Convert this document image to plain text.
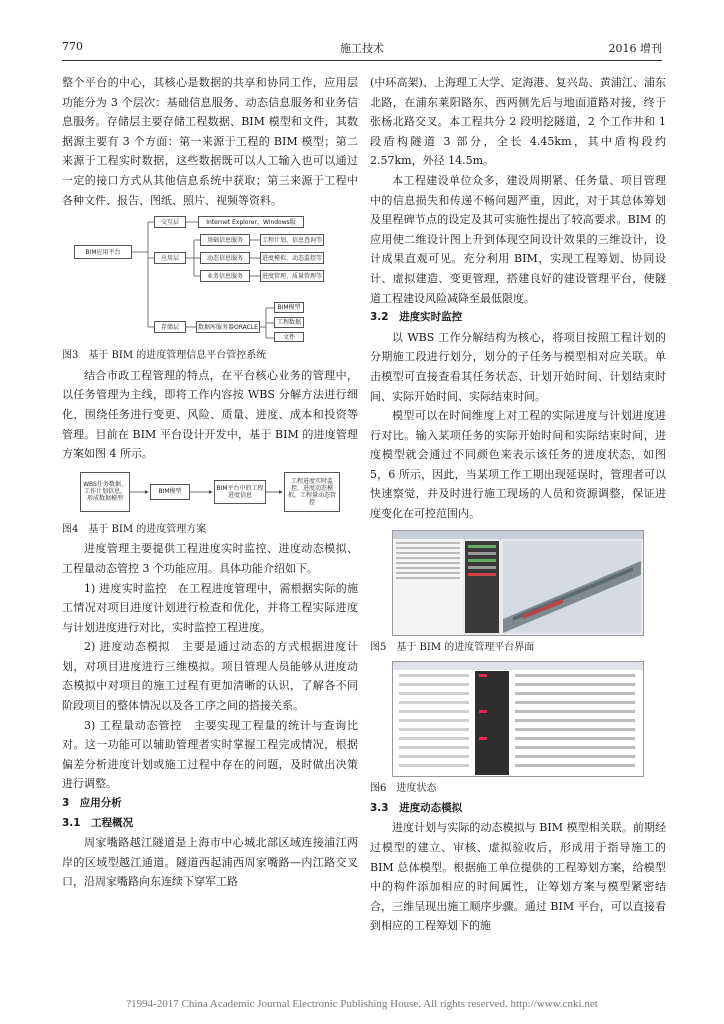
770	施工技术	2016 增刊

整个平台的中心，其核心是数据的共享和协同工作，应用层功能分为 3 个层次：基础信息服务、动态信息服务和业务信息服务。存储层主要存储工程数据、BIM 模型和文件，其数据源主要有 3 个方面：第一来源于工程的 BIM 模型；第二来源于工程实时数据，这些数据既可以人工输入也可以通过一定的接口方式从其他信息系统中获取；第三来源于工程中各种文件、报告、图纸、照片、视频等资料。

BIM应用平台
交互层	Internet Explorer、Windows版
应用层
基础信息服务
动态信息服务
业务信息服务
工程计划、信息查询等
进度模拟、动态监控等
进度管理、质量管理等
存储层	数据库服务器ORACLE
BIM模型
工程数据
文件

图3　基于 BIM 的进度管理信息平台管控系统

结合市政工程管理的特点，在平台核心业务的管理中，以任务管理为主线，即将工作内容按 WBS 分解方法进行细化，围绕任务进行变更、风险、质量、进度、成本和投资等管理。目前在 BIM 平台设计开发中，基于 BIM 的进度管理方案如图 4 所示。

WBS任务数据、工作计划信息，形成数据模型
BIM模型	BIM平台中的工程进度信息
工程进度实时监控，进度动态模拟，工程量动态管控

图4　基于 BIM 的进度管理方案

进度管理主要提供工程进度实时监控、进度动态模拟、工程量动态管控 3 个功能应用。具体功能介绍如下。

1) 进度实时监控　在工程进度管理中，需根据实际的施工情况对项目进度计划进行检查和优化，并将工程实际进度与计划进度进行对比，实时监控工程进度。

2) 进度动态模拟　主要是通过动态的方式根据进度计划，对项目进度进行三维模拟。项目管理人员能够从进度动态模拟中对项目的施工过程有更加清晰的认识，了解各不同阶段项目的整体情况以及各工序之间的搭接关系。

3) 工程量动态管控　主要实现工程量的统计与查询比对。这一功能可以辅助管理者实时掌握工程完成情况，根据偏差分析进度计划或施工过程中存在的问题，及时做出决策进行调整。

3　应用分析

3.1　工程概况

周家嘴路越江隧道是上海市中心城北部区域连接浦江两岸的区域型越江通道。隧道西起浦西周家嘴路—内江路交叉口，沿周家嘴路向东连续下穿军工路

(中环高架)、上海理工大学、定海港、复兴岛、黄浦江、浦东北路，在浦东莱阳路东、西两侧先后与地面道路对接，终于张杨北路交叉。本工程共分 2 段明挖隧道，2 个工作井和 1 段盾构隧道 3 部分，全长 4.45km，其中盾构段约 2.57km，外径 14.5m。

本工程建设单位众多，建设周期紧、任务量、项目管理中的信息损失和传递不畅问题严重，因此，对于其总体筹划及里程碑节点的设定及其可实施性提出了较高要求。BIM 的应用使二维设计图上升到体现空间设计效果的三维设计，设计成果直观可见。充分利用 BIM，实现工程筹划、协同设计、虚拟建造、变更管理，搭建良好的建设管理平台，使隧道工程建设风险减降至最低限度。

3.2　进度实时监控

以 WBS 工作分解结构为核心，将项目按照工程计划的分期施工段进行划分，划分的子任务与模型相对应关联。单击模型可直接查看其任务状态、计划开始时间、计划结束时间、实际开始时间、实际结束时间。

模型可以在时间维度上对工程的实际进度与计划进度进行对比。输入某项任务的实际开始时间和实际结束时间，进度模型就会通过不同颜色来表示该任务的进度状态，如图 5，6 所示，因此，当某项工作工期出现延误时，管理者可以快速察觉，并及时进行施工现场的人员和资源调整，保证进度变化在可控范围内。

图5　基于 BIM 的进度管理平台界面

图6　进度状态

3.3　进度动态模拟

进度计划与实际的动态模拟与 BIM 模型相关联。前期经过模型的建立、审核、虚拟验收后，形成用于指导施工的 BIM 总体模型。根据施工单位提供的工程筹划方案，给模型中的构件添加相应的时间属性，让筹划方案与模型紧密结合，三维呈现出施工顺序步骤。通过 BIM 平台，可以直接看到相应的工程筹划下的施

?1994-2017 China Academic Journal Electronic Publishing House. All rights reserved. http://www.cnki.net
